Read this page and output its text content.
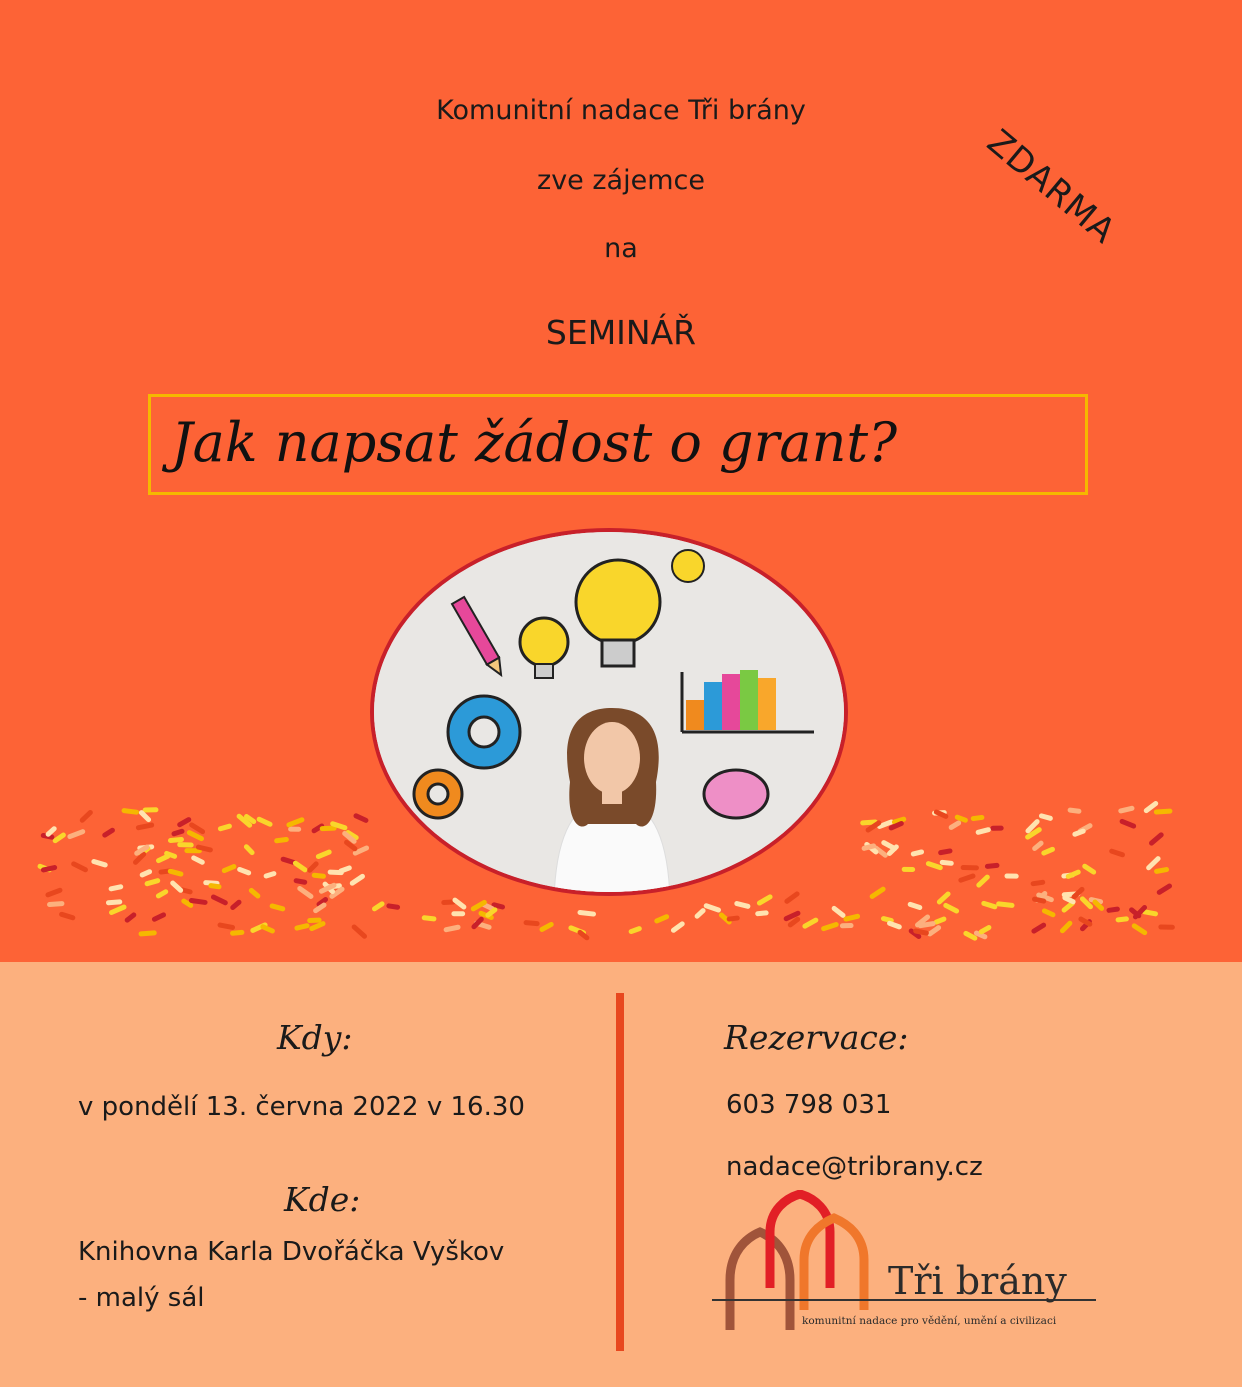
Komunitní nadace Tři brány
zve zájemce
na
SEMINÁŘ
ZDARMA
Jak napsat žádost o grant?
Kdy:
v pondělí 13. června 2022 v 16.30
Kde:
Knihovna Karla Dvořáčka Vyškov
- malý sál
Rezervace:
603 798 031
nadace@tribrany.cz
Tři brány
komunitní nadace pro vědění, umění a civilizaci
